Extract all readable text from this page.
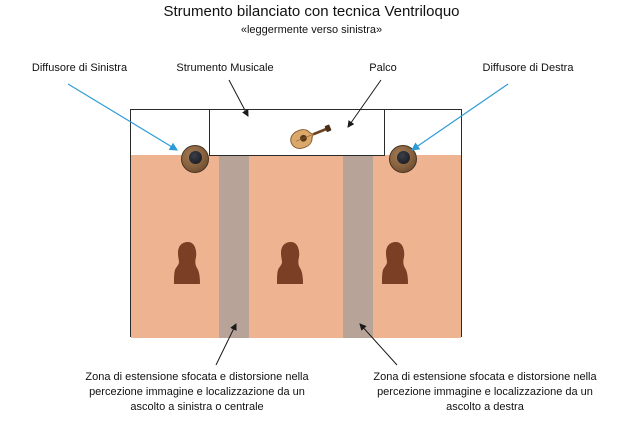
Strumento bilanciato con tecnica Ventriloquo
«leggermente verso sinistra»
Diffusore di Sinistra	Strumento Musicale	Palco	Diffusore di Destra
Zona di estensione sfocata e distorsione nella percezione immagine e localizzazione da un ascolto a sinistra o centrale
Zona di estensione sfocata e distorsione nella percezione immagine e localizzazione da un ascolto a destra
